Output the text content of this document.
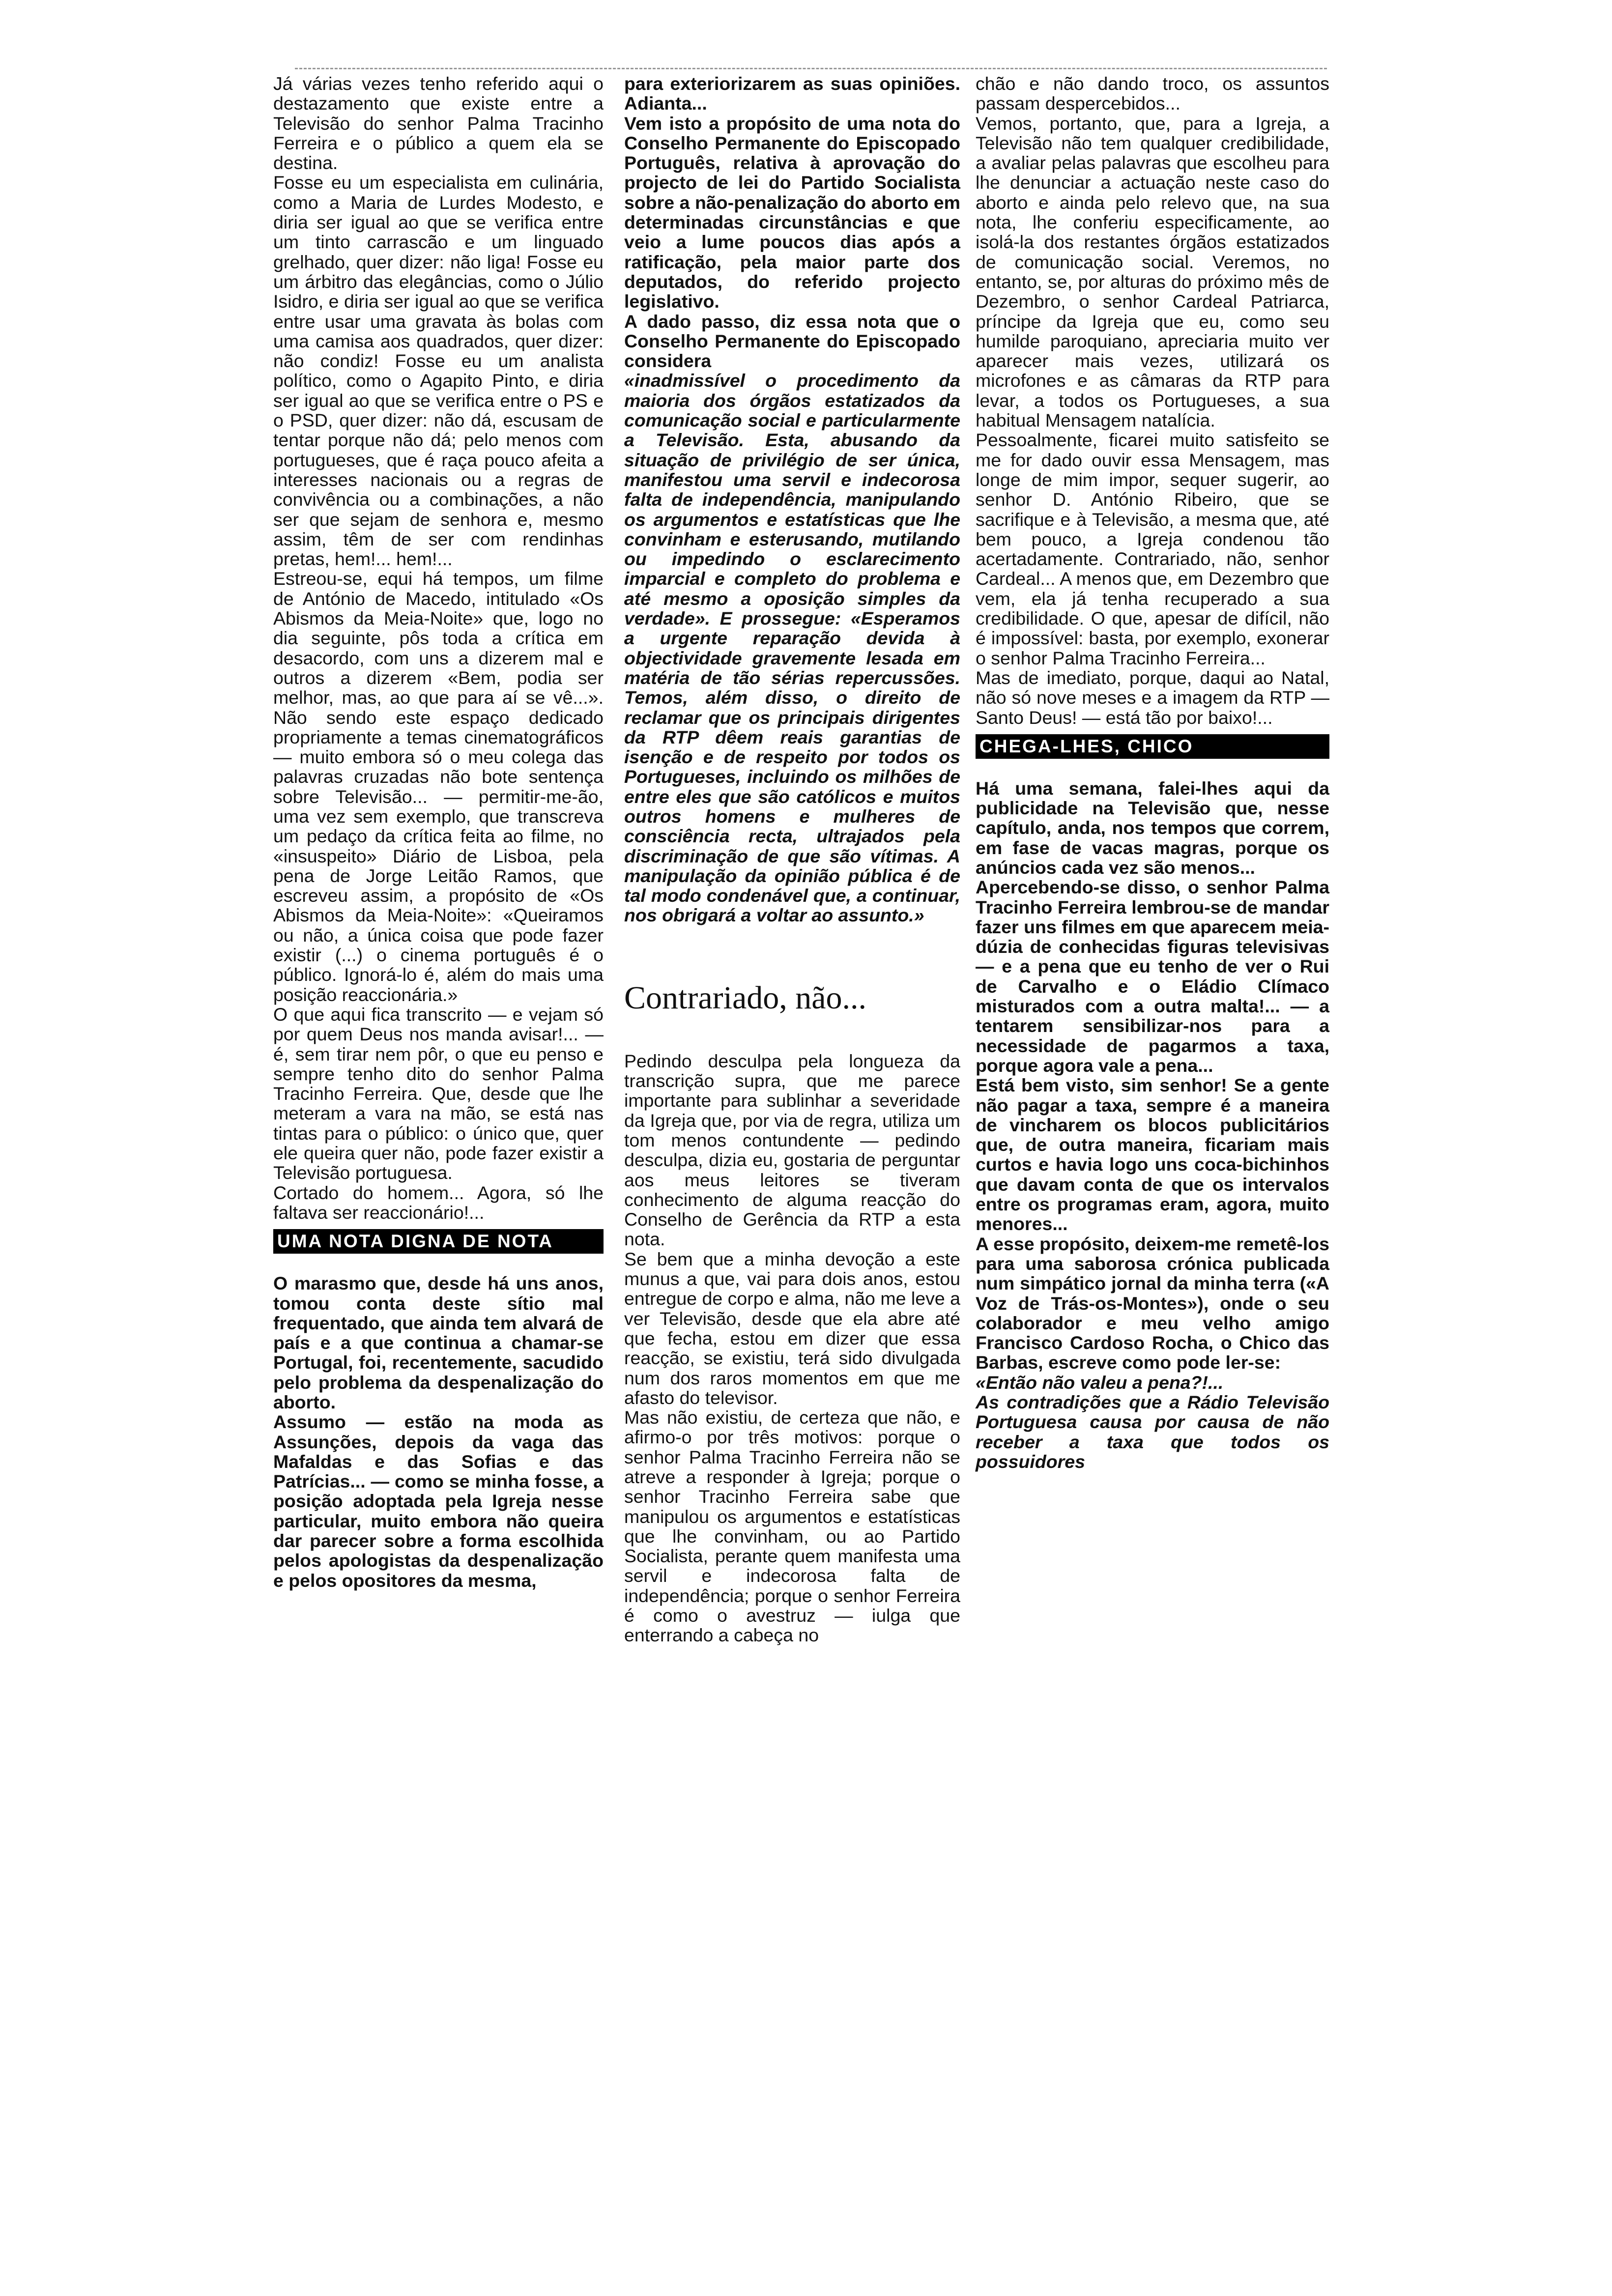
Já várias vezes tenho referido aqui o destazamento que existe entre a Televisão do senhor Palma Tracinho Ferreira e o público a quem ela se destina.

Fosse eu um especialista em culinária, como a Maria de Lurdes Modesto, e diria ser igual ao que se verifica entre um tinto carrascão e um linguado grelhado, quer dizer: não liga! Fosse eu um árbitro das elegâncias, como o Júlio Isidro, e diria ser igual ao que se verifica entre usar uma gravata às bolas com uma camisa aos quadrados, quer dizer: não condiz! Fosse eu um analista político, como o Agapito Pinto, e diria ser igual ao que se verifica entre o PS e o PSD, quer dizer: não dá, escusam de tentar porque não dá; pelo menos com portugueses, que é raça pouco afeita a interesses nacionais ou a regras de convivência ou a combinações, a não ser que sejam de senhora e, mesmo assim, têm de ser com rendinhas pretas, hem!... hem!...

Estreou-se, equi há tempos, um filme de António de Macedo, intitulado «Os Abismos da Meia-Noite» que, logo no dia seguinte, pôs toda a crítica em desacordo, com uns a dizerem mal e outros a dizerem «Bem, podia ser melhor, mas, ao que para aí se vê...». Não sendo este espaço dedicado propriamente a temas cinematográficos — muito embora só o meu colega das palavras cruzadas não bote sentença sobre Televisão... — permitir-me-ão, uma vez sem exemplo, que transcreva um pedaço da crítica feita ao filme, no «insuspeito» Diário de Lisboa, pela pena de Jorge Leitão Ramos, que escreveu assim, a propósito de «Os Abismos da Meia-Noite»: «Queiramos ou não, a única coisa que pode fazer existir (...) o cinema português é o público. Ignorá-lo é, além do mais uma posição reaccionária.»

O que aqui fica transcrito — e vejam só por quem Deus nos manda avisar!... — é, sem tirar nem pôr, o que eu penso e sempre tenho dito do senhor Palma Tracinho Ferreira. Que, desde que lhe meteram a vara na mão, se está nas tintas para o público: o único que, quer ele queira quer não, pode fazer existir a Televisão portuguesa.

Cortado do homem... Agora, só lhe faltava ser reaccionário!...

UMA NOTA DIGNA DE NOTA

O marasmo que, desde há uns anos, tomou conta deste sítio mal frequentado, que ainda tem alvará de país e a que continua a chamar-se Portugal, foi, recentemente, sacudido pelo problema da despenalização do aborto.

Assumo — estão na moda as Assunções, depois da vaga das Mafaldas e das Sofias e das Patrícias... — como se minha fosse, a posição adoptada pela Igreja nesse particular, muito embora não queira dar parecer sobre a forma escolhida pelos apologistas da despenalização e pelos opositores da mesma,

para exteriorizarem as suas opiniões. Adianta...

Vem isto a propósito de uma nota do Conselho Permanente do Episcopado Português, relativa à aprovação do projecto de lei do Partido Socialista sobre a não-penalização do aborto em determinadas circunstâncias e que veio a lume poucos dias após a ratificação, pela maior parte dos deputados, do referido projecto legislativo.

A dado passo, diz essa nota que o Conselho Permanente do Episcopado considera

«inadmissível o procedimento da maioria dos órgãos estatizados da comunicação social e particularmente a Televisão. Esta, abusando da situação de privilégio de ser única, manifestou uma servil e indecorosa falta de independência, manipulando os argumentos e estatísticas que lhe convinham e esterusando, mutilando ou impedindo o esclarecimento imparcial e completo do problema e até mesmo a oposição simples da verdade». E prossegue: «Esperamos a urgente reparação devida à objectividade gravemente lesada em matéria de tão sérias repercussões. Temos, além disso, o direito de reclamar que os principais dirigentes da RTP dêem reais garantias de isenção e de respeito por todos os Portugueses, incluindo os milhões de entre eles que são católicos e muitos outros homens e mulheres de consciência recta, ultrajados pela discriminação de que são vítimas. A manipulação da opinião pública é de tal modo condenável que, a continuar, nos obrigará a voltar ao assunto.»

Contrariado, não...

Pedindo desculpa pela longueza da transcrição supra, que me parece importante para sublinhar a severidade da Igreja que, por via de regra, utiliza um tom menos contundente — pedindo desculpa, dizia eu, gostaria de perguntar aos meus leitores se tiveram conhecimento de alguma reacção do Conselho de Gerência da RTP a esta nota.

Se bem que a minha devoção a este munus a que, vai para dois anos, estou entregue de corpo e alma, não me leve a ver Televisão, desde que ela abre até que fecha, estou em dizer que essa reacção, se existiu, terá sido divulgada num dos raros momentos em que me afasto do televisor.

Mas não existiu, de certeza que não, e afirmo-o por três motivos: porque o senhor Palma Tracinho Ferreira não se atreve a responder à Igreja; porque o senhor Tracinho Ferreira sabe que manipulou os argumentos e estatísticas que lhe convinham, ou ao Partido Socialista, perante quem manifesta uma servil e indecorosa falta de independência; porque o senhor Ferreira é como o avestruz — iulga que enterrando a cabeça no

chão e não dando troco, os assuntos passam despercebidos...

Vemos, portanto, que, para a Igreja, a Televisão não tem qualquer credibilidade, a avaliar pelas palavras que escolheu para lhe denunciar a actuação neste caso do aborto e ainda pelo relevo que, na sua nota, lhe conferiu especificamente, ao isolá-la dos restantes órgãos estatizados de comunicação social. Veremos, no entanto, se, por alturas do próximo mês de Dezembro, o senhor Cardeal Patriarca, príncipe da Igreja que eu, como seu humilde paroquiano, apreciaria muito ver aparecer mais vezes, utilizará os microfones e as câmaras da RTP para levar, a todos os Portugueses, a sua habitual Mensagem natalícia.

Pessoalmente, ficarei muito satisfeito se me for dado ouvir essa Mensagem, mas longe de mim impor, sequer sugerir, ao senhor D. António Ribeiro, que se sacrifique e à Televisão, a mesma que, até bem pouco, a Igreja condenou tão acertadamente. Contrariado, não, senhor Cardeal... A menos que, em Dezembro que vem, ela já tenha recuperado a sua credibilidade. O que, apesar de difícil, não é impossível: basta, por exemplo, exonerar o senhor Palma Tracinho Ferreira...

Mas de imediato, porque, daqui ao Natal, não só nove meses e a imagem da RTP — Santo Deus! — está tão por baixo!...

CHEGA-LHES, CHICO

Há uma semana, falei-lhes aqui da publicidade na Televisão que, nesse capítulo, anda, nos tempos que correm, em fase de vacas magras, porque os anúncios cada vez são menos...

Apercebendo-se disso, o senhor Palma Tracinho Ferreira lembrou-se de mandar fazer uns filmes em que aparecem meia-dúzia de conhecidas figuras televisivas — e a pena que eu tenho de ver o Rui de Carvalho e o Eládio Clímaco misturados com a outra malta!... — a tentarem sensibilizar-nos para a necessidade de pagarmos a taxa, porque agora vale a pena...

Está bem visto, sim senhor! Se a gente não pagar a taxa, sempre é a maneira de vincharem os blocos publicitários que, de outra maneira, ficariam mais curtos e havia logo uns coca-bichinhos que davam conta de que os intervalos entre os programas eram, agora, muito menores...

A esse propósito, deixem-me remetê-los para uma saborosa crónica publicada num simpático jornal da minha terra («A Voz de Trás-os-Montes»), onde o seu colaborador e meu velho amigo Francisco Cardoso Rocha, o Chico das Barbas, escreve como pode ler-se:

«Então não valeu a pena?!...

As contradições que a Rádio Televisão Portuguesa causa por causa de não receber a taxa que todos os possuidores
